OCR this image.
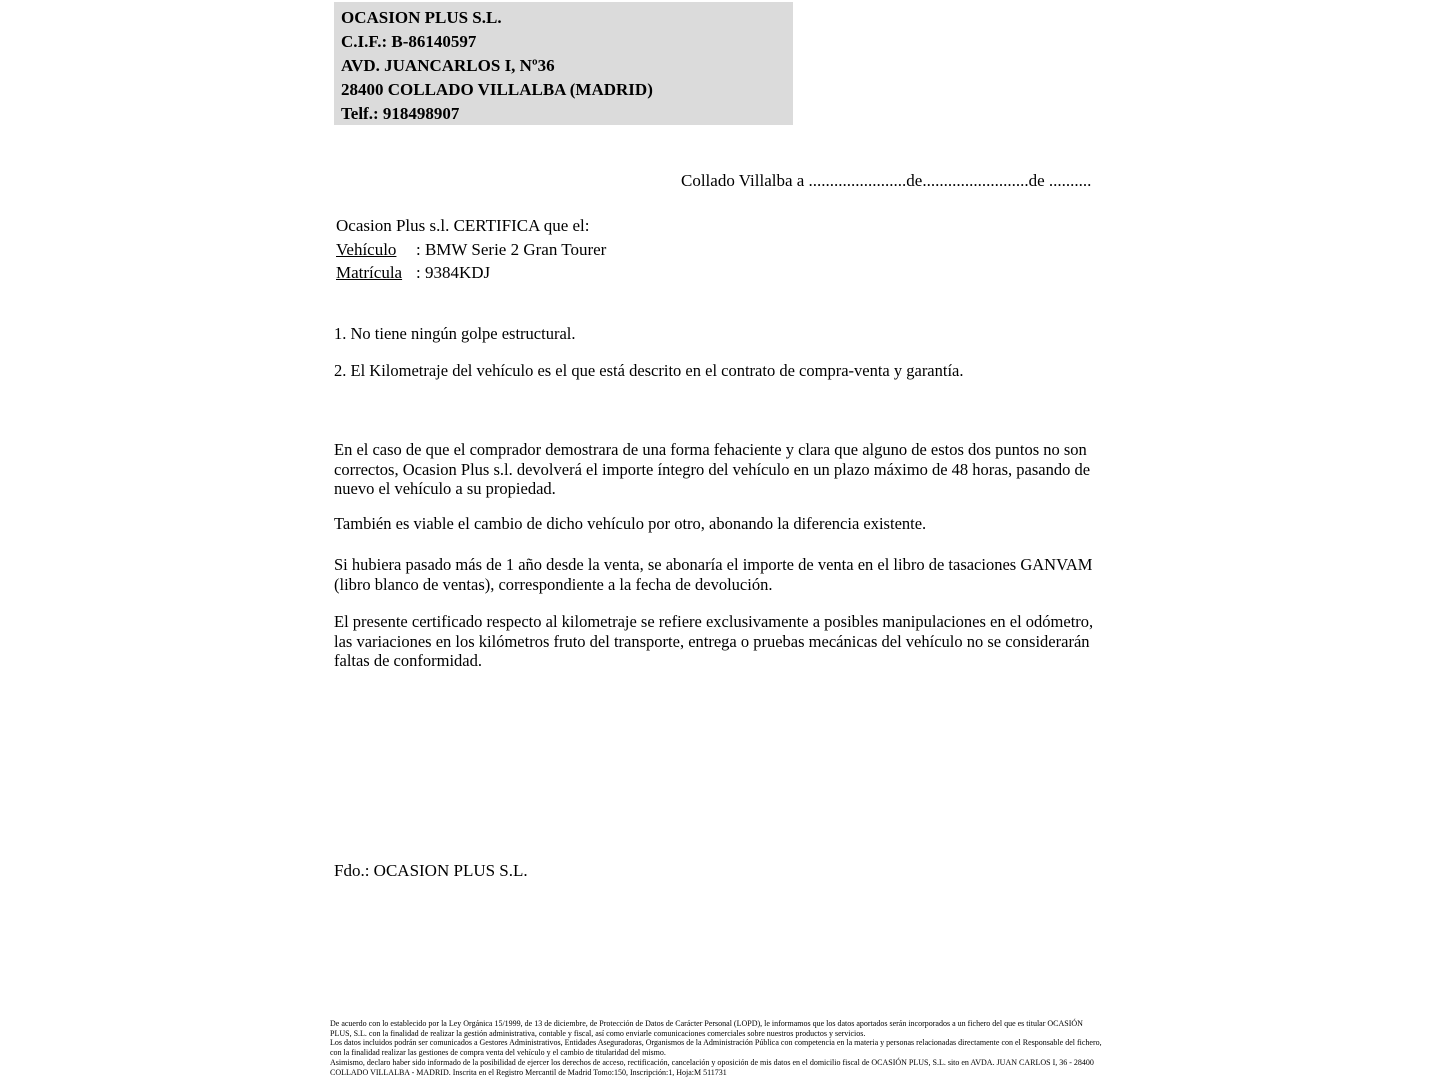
OCASION PLUS S.L.
C.I.F.: B-86140597
AVD. JUANCARLOS I, Nº36
28400 COLLADO VILLALBA (MADRID)
Telf.: 918498907
Collado Villalba a .......................de.........................de ..........
Ocasion Plus s.l. CERTIFICA que el:
Vehículo : BMW Serie 2 Gran Tourer
Matrícula : 9384KDJ
1. No tiene ningún golpe estructural.
2. El Kilometraje del vehículo es el que está descrito en el contrato de compra-venta y garantía.
En el caso de que el comprador demostrara de una forma fehaciente y clara que alguno de estos dos puntos no son correctos, Ocasion Plus s.l. devolverá el importe íntegro del vehículo en un plazo máximo de 48 horas, pasando de nuevo el vehículo a su propiedad.
También es viable el cambio de dicho vehículo por otro, abonando la diferencia existente.
Si hubiera pasado más de 1 año desde la venta, se abonaría el importe de venta en el libro de tasaciones GANVAM (libro blanco de ventas), correspondiente a la fecha de devolución.
El presente certificado respecto al kilometraje se refiere exclusivamente a posibles manipulaciones en el odómetro, las variaciones en los kilómetros fruto del transporte, entrega o pruebas mecánicas del vehículo no se considerarán faltas de conformidad.
Fdo.: OCASION PLUS S.L.
De acuerdo con lo establecido por la Ley Orgánica 15/1999, de 13 de diciembre, de Protección de Datos de Carácter Personal (LOPD), le informamos que los datos aportados serán incorporados a un fichero del que es titular OCASIÓN PLUS, S.L. con la finalidad de realizar la gestión administrativa, contable y fiscal, así como enviarle comunicaciones comerciales sobre nuestros productos y servicios.
Los datos incluidos podrán ser comunicados a Gestores Administrativos, Entidades Aseguradoras, Organismos de la Administración Pública con competencia en la materia y personas relacionadas directamente con el Responsable del fichero, con la finalidad realizar las gestiones de compra venta del vehículo y el cambio de titularidad del mismo.
Asimismo, declaro haber sido informado de la posibilidad de ejercer los derechos de acceso, rectificación, cancelación y oposición de mis datos en el domicilio fiscal de OCASIÓN PLUS, S.L. sito en AVDA. JUAN CARLOS I, 36 - 28400 COLLADO VILLALBA - MADRID. Inscrita en el Registro Mercantil de Madrid Tomo:150, Inscripción:1, Hoja:M 511731
